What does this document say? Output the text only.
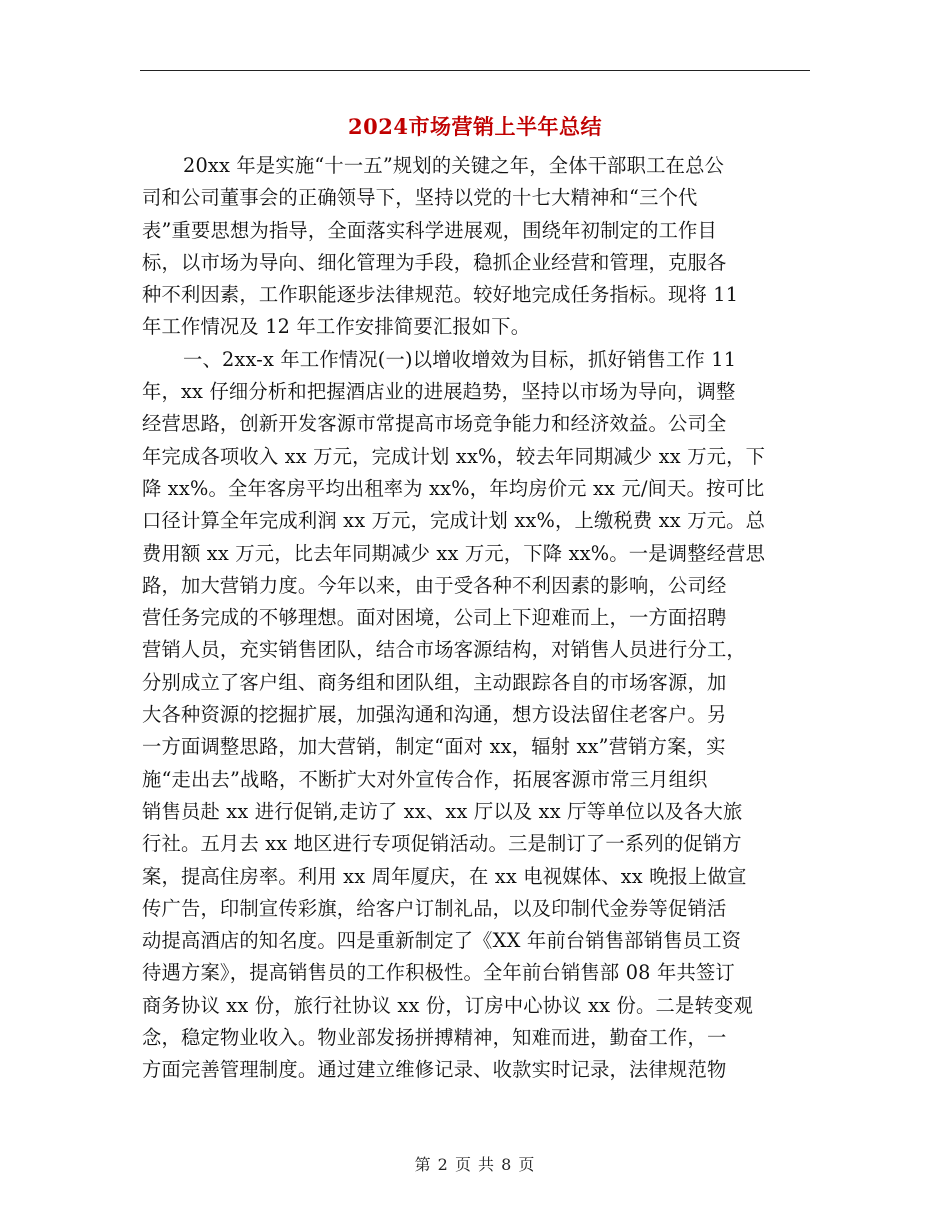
2024市场营销上半年总结
20xx 年是实施“十一五”规划的关键之年，全体干部职工在总公
司和公司董事会的正确领导下，坚持以党的十七大精神和“三个代
表”重要思想为指导，全面落实科学进展观，围绕年初制定的工作目
标，以市场为导向、细化管理为手段，稳抓企业经营和管理，克服各
种不利因素，工作职能逐步法律规范。较好地完成任务指标。现将 11
年工作情况及 12 年工作安排简要汇报如下。
一、2xx-x 年工作情况(一)以增收增效为目标，抓好销售工作 11
年，xx 仔细分析和把握酒店业的进展趋势，坚持以市场为导向，调整
经营思路，创新开发客源市常提高市场竞争能力和经济效益。公司全
年完成各项收入 xx 万元，完成计划 xx%，较去年同期减少 xx 万元，下
降 xx%。全年客房平均出租率为 xx%，年均房价元 xx 元/间天。按可比
口径计算全年完成利润 xx 万元，完成计划 xx%，上缴税费 xx 万元。总
费用额 xx 万元，比去年同期减少 xx 万元，下降 xx%。一是调整经营思
路，加大营销力度。今年以来，由于受各种不利因素的影响，公司经
营任务完成的不够理想。面对困境，公司上下迎难而上，一方面招聘
营销人员，充实销售团队，结合市场客源结构，对销售人员进行分工，
分别成立了客户组、商务组和团队组，主动跟踪各自的市场客源，加
大各种资源的挖掘扩展，加强沟通和沟通，想方设法留住老客户。另
一方面调整思路，加大营销，制定“面对 xx，辐射 xx”营销方案，实
施“走出去”战略，不断扩大对外宣传合作，拓展客源市常三月组织
销售员赴 xx 进行促销,走访了 xx、xx 厅以及 xx 厅等单位以及各大旅
行社。五月去 xx 地区进行专项促销活动。三是制订了一系列的促销方
案，提高住房率。利用 xx 周年厦庆，在 xx 电视媒体、xx 晚报上做宣
传广告，印制宣传彩旗，给客户订制礼品，以及印制代金券等促销活
动提高酒店的知名度。四是重新制定了《XX 年前台销售部销售员工资
待遇方案》，提高销售员的工作积极性。全年前台销售部 08 年共签订
商务协议 xx 份，旅行社协议 xx 份，订房中心协议 xx 份。二是转变观
念，稳定物业收入。物业部发扬拼搏精神，知难而进，勤奋工作，一
方面完善管理制度。通过建立维修记录、收款实时记录，法律规范物
第 2 页 共 8 页
